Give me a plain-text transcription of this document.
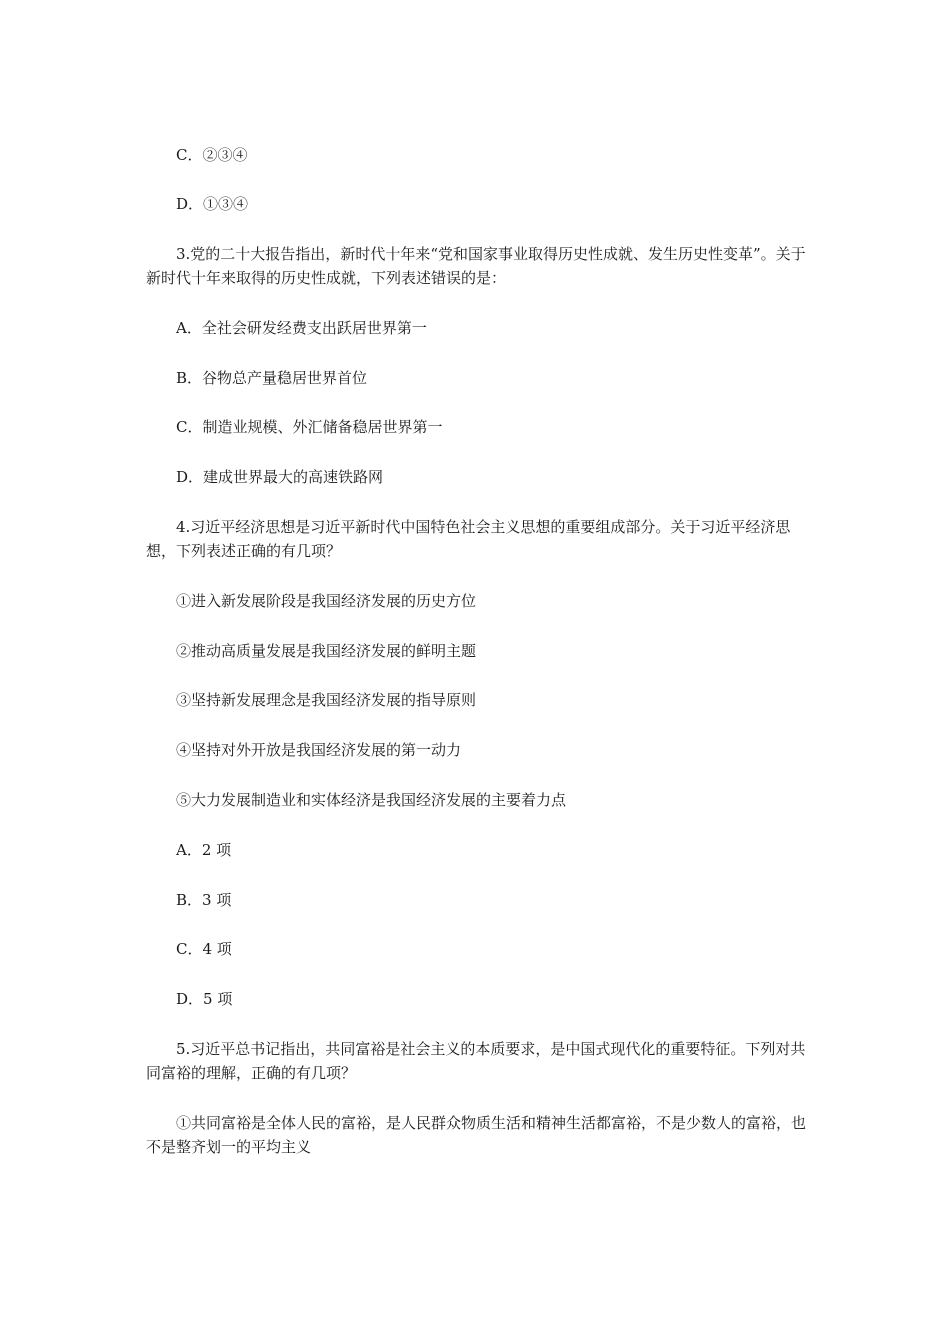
C．②③④
D．①③④
3.党的二十大报告指出，新时代十年来“党和国家事业取得历史性成就、发生历史性变革”。关于新时代十年来取得的历史性成就，下列表述错误的是：
A．全社会研发经费支出跃居世界第一
B．谷物总产量稳居世界首位
C．制造业规模、外汇储备稳居世界第一
D．建成世界最大的高速铁路网
4.习近平经济思想是习近平新时代中国特色社会主义思想的重要组成部分。关于习近平经济思想，下列表述正确的有几项？
①进入新发展阶段是我国经济发展的历史方位
②推动高质量发展是我国经济发展的鲜明主题
③坚持新发展理念是我国经济发展的指导原则
④坚持对外开放是我国经济发展的第一动力
⑤大力发展制造业和实体经济是我国经济发展的主要着力点
A．2 项
B．3 项
C．4 项
D．5 项
5.习近平总书记指出，共同富裕是社会主义的本质要求，是中国式现代化的重要特征。下列对共同富裕的理解，正确的有几项？
①共同富裕是全体人民的富裕，是人民群众物质生活和精神生活都富裕，不是少数人的富裕，也不是整齐划一的平均主义
